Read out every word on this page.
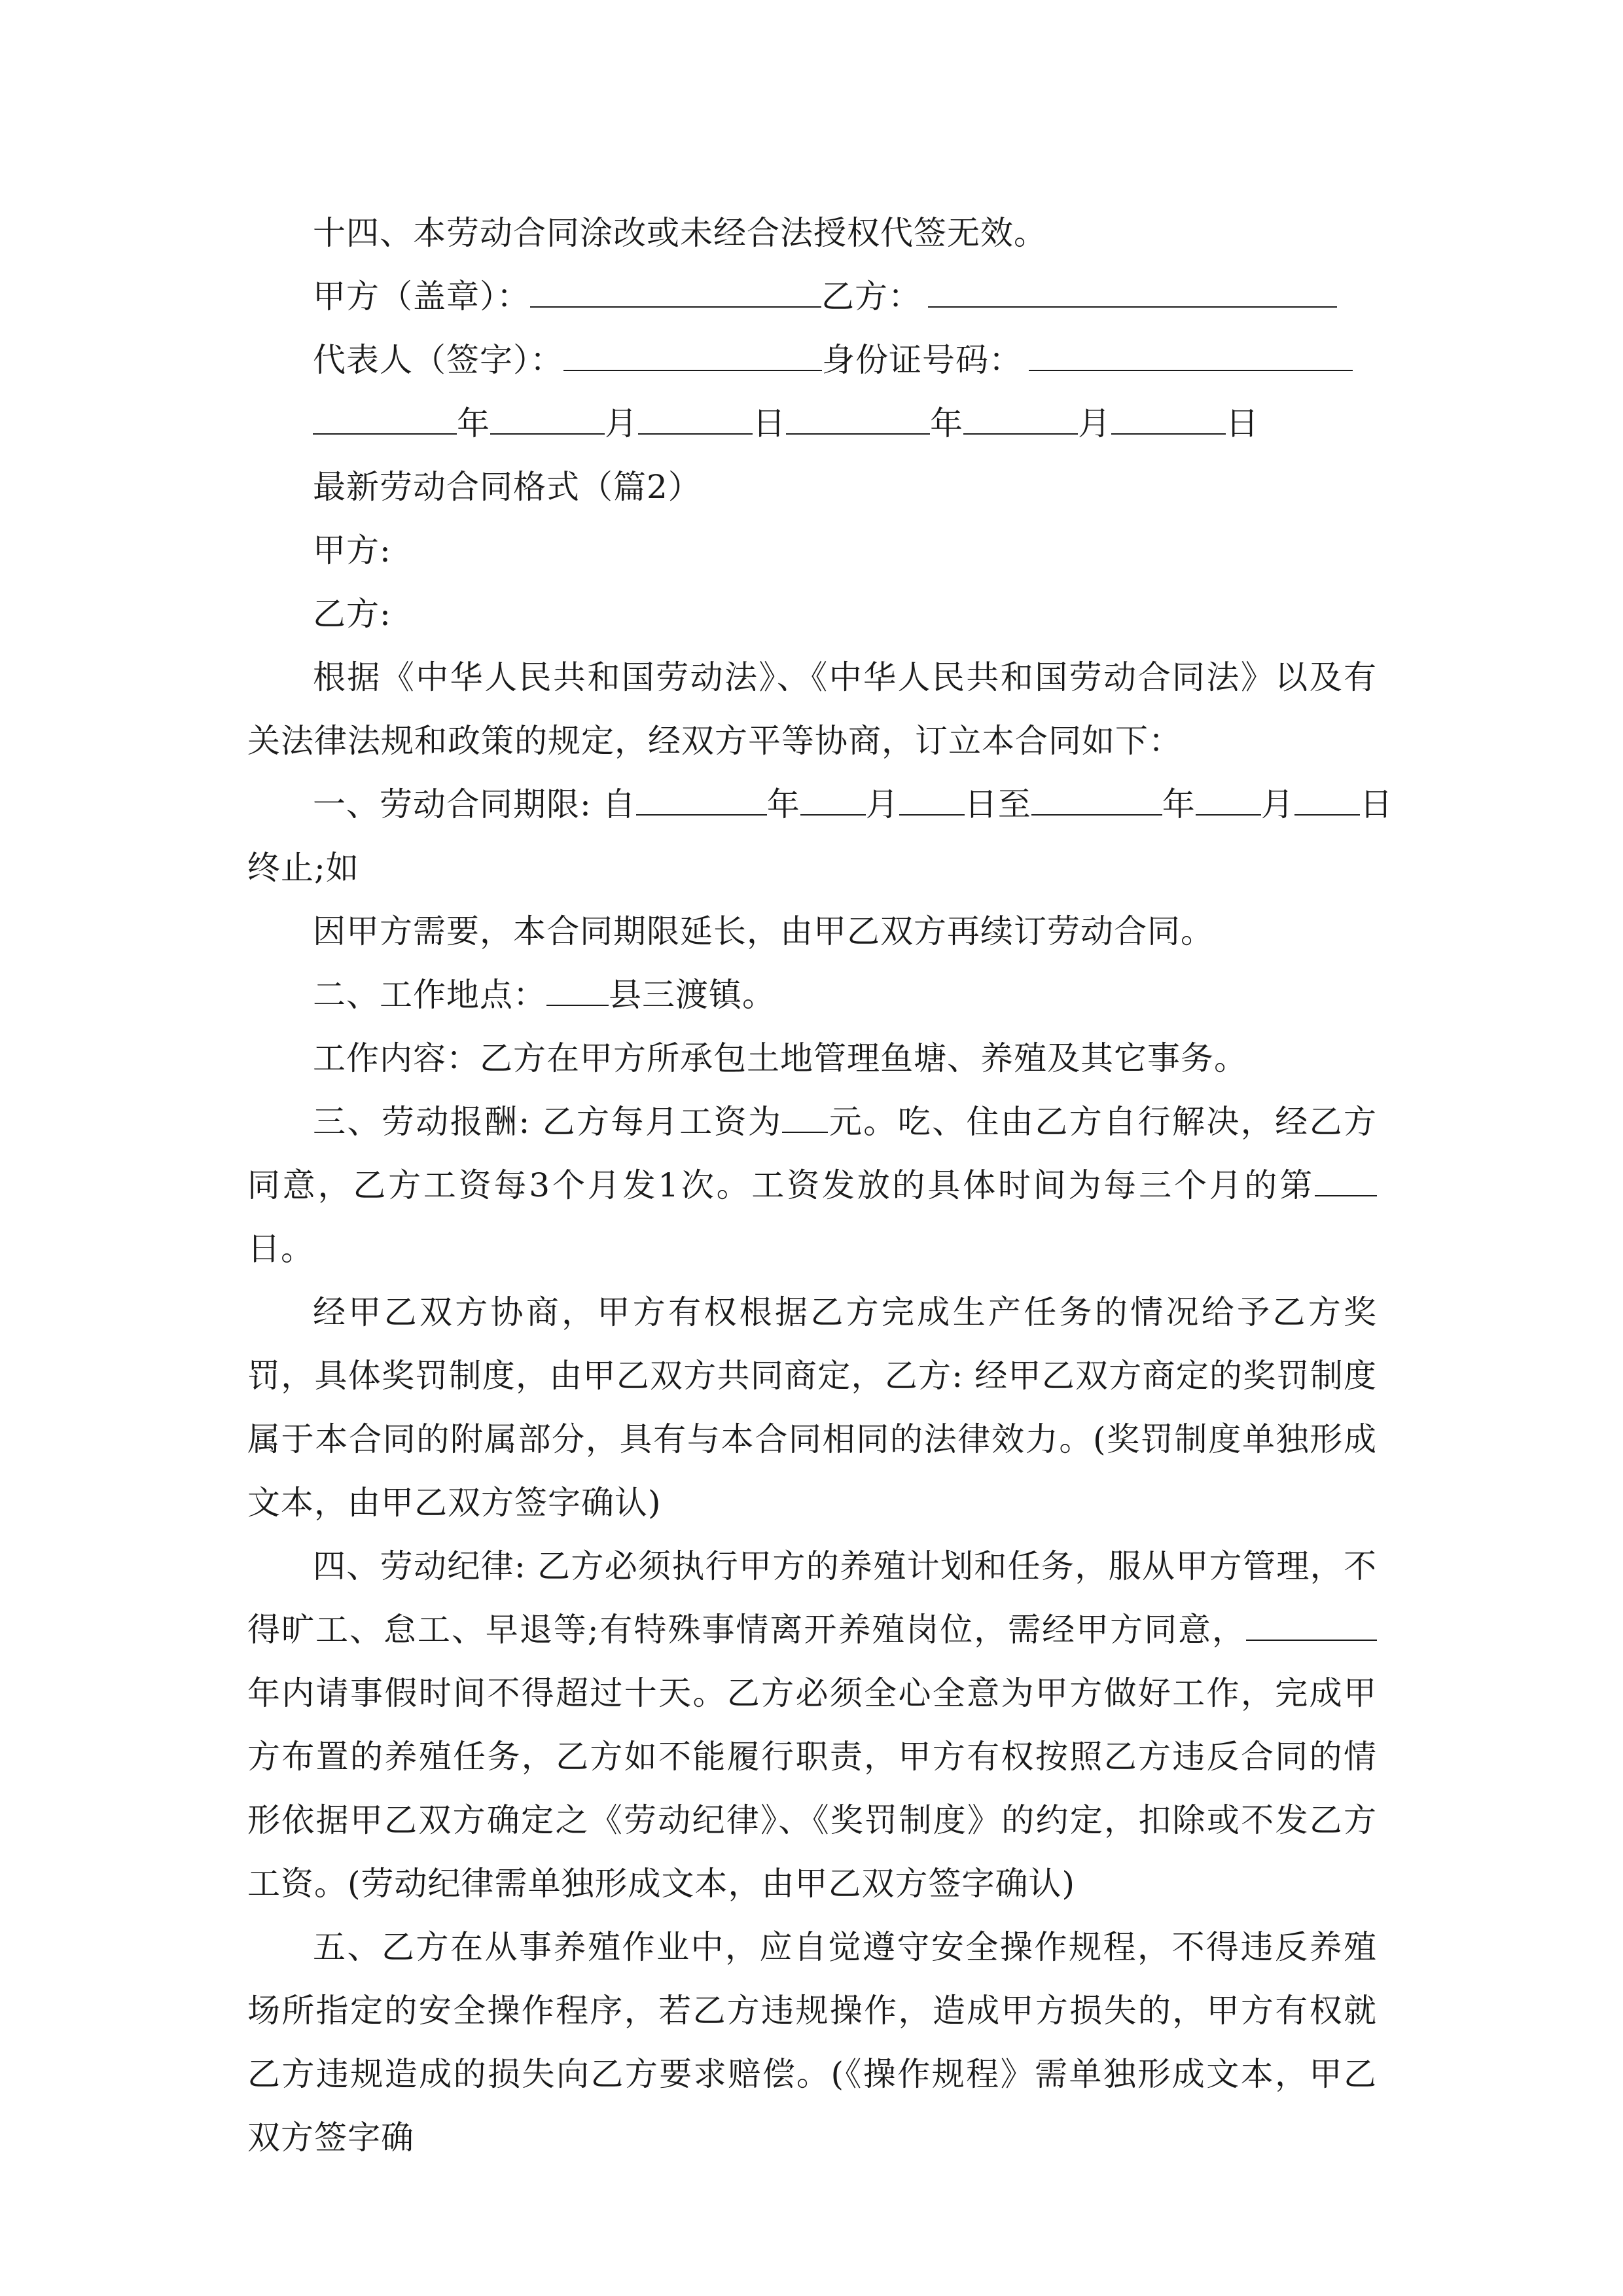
十四、本劳动合同涂改或未经合法授权代签无效。
甲方（盖章）：	乙方：
代表人（签字）：	身份证号码：
年	月	日	年	月	日
最新劳动合同格式（篇2）
甲方:
乙方:

根据《中华人民共和国劳动法》、《中华人民共和国劳动合同法》以及有关法律法规和政策的规定，经双方平等协商，订立本合同如下：

一、劳动合同期限: 自	年 月 日至	年 月 日
终止;如
因甲方需要，本合同期限延长，由甲乙双方再续订劳动合同。
二、工作地点： 县三渡镇。
工作内容：乙方在甲方所承包土地管理鱼塘、养殖及其它事务。

三、劳动报酬: 乙方每月工资为 元。吃、住由乙方自行解决，经乙方同意，乙方工资每3个月发1次。工资发放的具体时间为每三个月的第日。

经甲乙双方协商，甲方有权根据乙方完成生产任务的情况给予乙方奖罚，具体奖罚制度，由甲乙双方共同商定，乙方: 经甲乙双方商定的奖罚制度属于本合同的附属部分，具有与本合同相同的法律效力。(奖罚制度单独形成文本，由甲乙双方签字确认)

四、劳动纪律: 乙方必须执行甲方的养殖计划和任务，服从甲方管理，不得旷工、怠工、早退等;有特殊事情离开养殖岗位，需经甲方同意，年内请事假时间不得超过十天。乙方必须全心全意为甲方做好工作，完成甲方布置的养殖任务，乙方如不能履行职责，甲方有权按照乙方违反合同的情形依据甲乙双方确定之《劳动纪律》、《奖罚制度》的约定，扣除或不发乙方工资。(劳动纪律需单独形成文本，由甲乙双方签字确认)

五、乙方在从事养殖作业中，应自觉遵守安全操作规程，不得违反养殖场所指定的安全操作程序，若乙方违规操作，造成甲方损失的，甲方有权就乙方违规造成的损失向乙方要求赔偿。(《操作规程》需单独形成文本，甲乙双方签字确
